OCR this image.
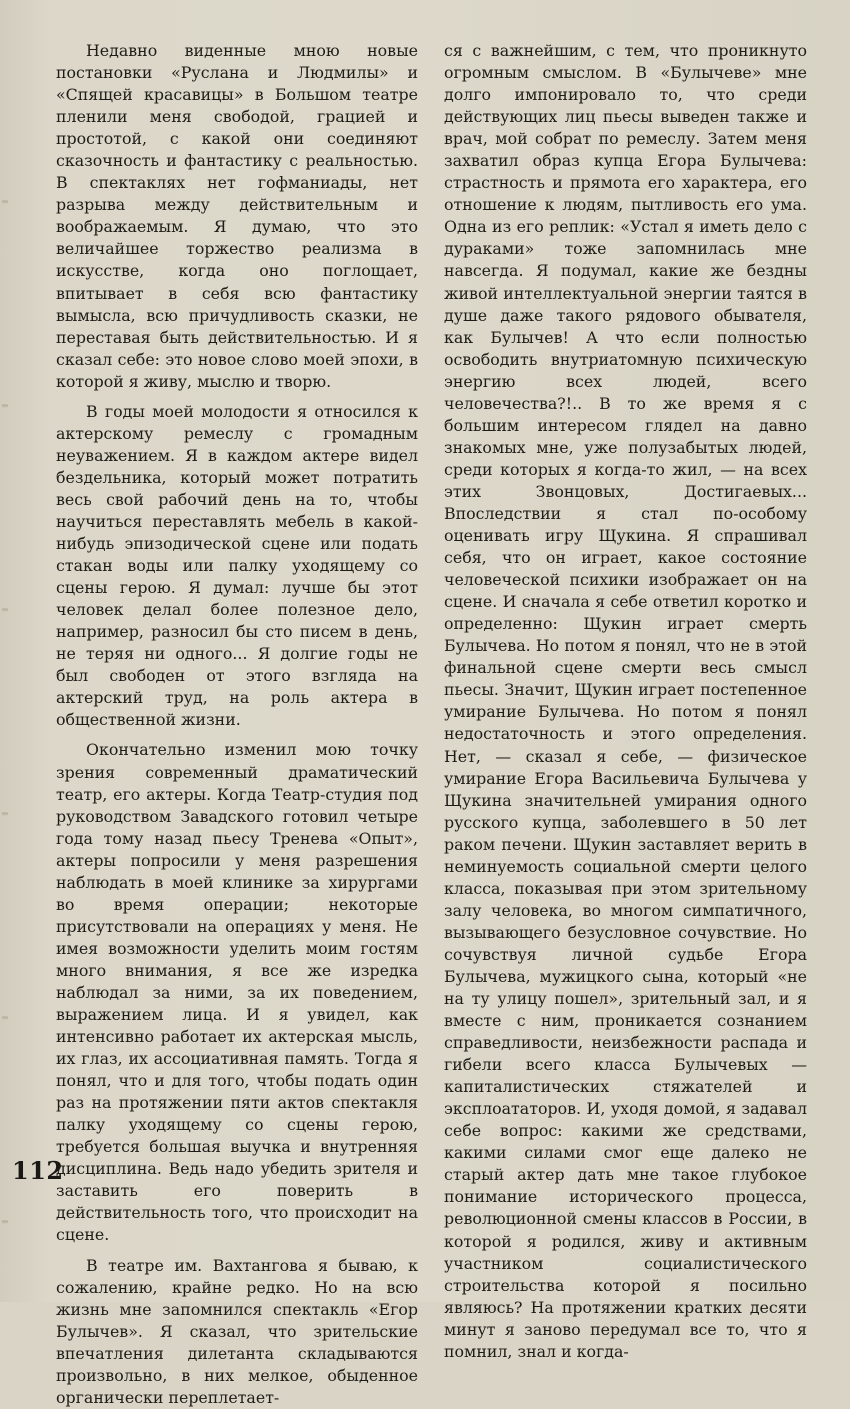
Недавно виденные мною новые постановки «Руслана и Людмилы» и «Спящей красавицы» в Большом театре пленили меня свободой, грацией и простотой, с какой они соединяют сказочность и фантастику с реальностью. В спектаклях нет гофманиады, нет разрыва между действительным и воображаемым. Я думаю, что это величайшее торжество реализма в искусстве, когда оно поглощает, впитывает в себя всю фантастику вымысла, всю причудливость сказки, не переставая быть действительностью. И я сказал себе: это новое слово моей эпохи, в которой я живу, мыслю и творю.

В годы моей молодости я относился к актерскому ремеслу с громадным неуважением. Я в каждом актере видел бездельника, который может потратить весь свой рабочий день на то, чтобы научиться переставлять мебель в какой-нибудь эпизодической сцене или подать стакан воды или палку уходящему со сцены герою. Я думал: лучше бы этот человек делал более полезное дело, например, разносил бы сто писем в день, не теряя ни одного... Я долгие годы не был свободен от этого взгляда на актерский труд, на роль актера в общественной жизни.

Окончательно изменил мою точку зрения современный драматический театр, его актеры. Когда Театр-студия под руководством Завадского готовил четыре года тому назад пьесу Тренева «Опыт», актеры попросили у меня разрешения наблюдать в моей клинике за хирургами во время операции; некоторые присутствовали на операциях у меня. Не имея возможности уделить моим гостям много внимания, я все же изредка наблюдал за ними, за их поведением, выражением лица. И я увидел, как интенсивно работает их актерская мысль, их глаз, их ассоциативная память. Тогда я понял, что и для того, чтобы подать один раз на протяжении пяти актов спектакля палку уходящему со сцены герою, требуется большая выучка и внутренняя дисциплина. Ведь надо убедить зрителя и заставить его поверить в действительность того, что происходит на сцене.

В театре им. Вахтангова я бываю, к сожалению, крайне редко. Но на всю жизнь мне запомнился спектакль «Егор Булычев». Я сказал, что зрительские впечатления дилетанта складываются произвольно, в них мелкое, обыденное органически переплетает-

ся с важнейшим, с тем, что проникнуто огромным смыслом. В «Булычеве» мне долго импонировало то, что среди действующих лиц пьесы выведен также и врач, мой собрат по ремеслу. Затем меня захватил образ купца Егора Булычева: страстность и прямота его характера, его отношение к людям, пытливость его ума. Одна из его реплик: «Устал я иметь дело с дураками» тоже запомнилась мне навсегда. Я подумал, какие же бездны живой интеллектуальной энергии таятся в душе даже такого рядового обывателя, как Булычев! А что если полностью освободить внутриатомную психическую энергию всех людей, всего человечества?!.. В то же время я с большим интересом глядел на давно знакомых мне, уже полузабытых людей, среди которых я когда-то жил, — на всех этих Звонцовых, Достигаевых... Впоследствии я стал по-особому оценивать игру Щукина. Я спрашивал себя, что он играет, какое состояние человеческой психики изображает он на сцене. И сначала я себе ответил коротко и определенно: Щукин играет смерть Булычева. Но потом я понял, что не в этой финальной сцене смерти весь смысл пьесы. Значит, Щукин играет постепенное умирание Булычева. Но потом я понял недостаточность и этого определения. Нет, — сказал я себе, — физическое умирание Егора Васильевича Булычева у Щукина значительней умирания одного русского купца, заболевшего в 50 лет раком печени. Щукин заставляет верить в неминуемость социальной смерти целого класса, показывая при этом зрительному залу человека, во многом симпатичного, вызывающего безусловное сочувствие. Но сочувствуя личной судьбе Егора Булычева, мужицкого сына, который «не на ту улицу пошел», зрительный зал, и я вместе с ним, проникается сознанием справедливости, неизбежности распада и гибели всего класса Булычевых — капиталистических стяжателей и эксплоататоров. И, уходя домой, я задавал себе вопрос: какими же средствами, какими силами смог еще далеко не старый актер дать мне такое глубокое понимание исторического процесса, революционной смены классов в России, в которой я родился, живу и активным участником социалистического строительства которой я посильно являюсь? На протяжении кратких десяти минут я заново передумал все то, что я помнил, знал и когда-

112
